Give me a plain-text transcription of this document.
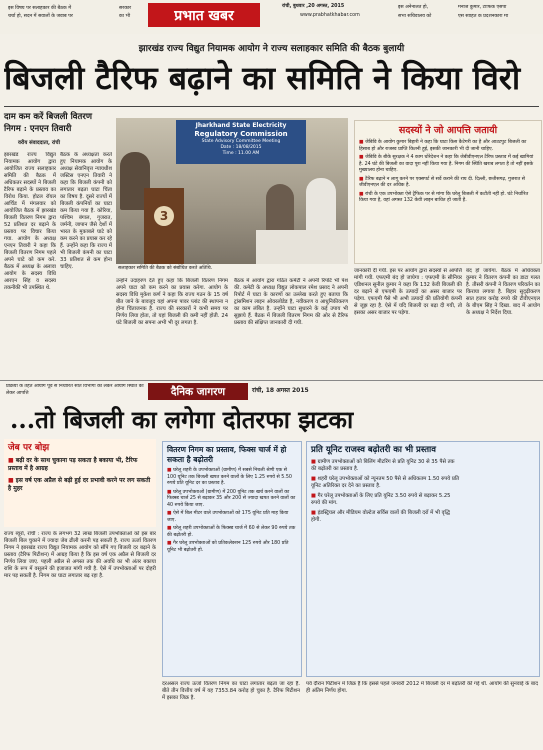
इस विषय पर सलाहकार की बैठक में
चर्चा हो, सदन में सवालों के जवाब पर
सरकार
का भी	प्रभात खबर
रांची, बुधवार ,20 अगस्त, 2015
www.prabhatkhabar.com
इस अनेनालत हो,
सभा सचिवालय को
मनोज कुमार, टाफिक एसपी
एस साहित के प्रदर्शनकारी मी
झारखंड राज्य विद्युत नियामक आयोग ने राज्य सलाहकार समिति की बैठक बुलायी
बिजली टैरिफ बढ़ाने का समिति ने किया विरो
दाम कम करें बिजली वितरण
निगम : एनएन तिवारी
वरीय संवाददाता, रांची
झारखंड राज्य विद्युत नियामक आयोग द्वारा आयोजित राज्य सलाहकार समिति की बैठक में अधिकतर सदस्यों ने बिजली टैरिफ बढ़ाने के प्रस्ताव का विरोध किया. होटल रॉयल आर्चिड में मंगलवार को आयोजित बैठक में झारखंड बिजली वितरण निगम द्वारा 52 प्रतिशत दर बढ़ाने के प्रस्ताव पर विचार किया गया. आयोग के अध्यक्ष एनएन तिवारी ने कहा कि बिजली वितरण निगम पहले अपने घाटे को कम करे. बैठक में अध्यक्ष के अलावा आयोग के सदस्य विधि आरएन सिंह व सदस्य तकनीकी भी उपस्थित थे.
बैठक के अध्यक्षता करते हुए नियामक आयोग के अध्यक्ष सेवानिवृत्त न्यायधीश जस्टिस एनएन तिवारी ने कहा कि बिजली कंपनी को लगातार बढ़ता घाटा चिंता का विषय है. दूसरे राज्यों में बिजली कंपनियों का घाटा कम किया गया है. कोरिया, पश्चिम बंगाल, गुजरात, जर्मनी, जापान जैसे देशों में भारत के मुकाबले घाटे को कम करने का प्रयास कर रहे हैं. उन्होंने कहा कि राज्य में भी बिजली कंपनी का घाटा 33 प्रतिशत से कम होना चाहिए.
Jharkhand State Electricity
Regulatory Commission
State Advisory Committee Meeting
Date : 18/08/2015
Time : 11.00 AM
3
सलाहकार समिति की बैठक को संबोधित करते अतिथि.
उन्होंने उदाहरण देते हुए कहा कि बिजली वितरण निगम अपने घाटा को कम करने का प्रयास करेगा. आयोग के सदस्य विधि मुकेश कर्ण ने कहा कि राज्य गठन के 15 वर्ष बीत जाने के बावजूद यहां अपना पावर प्लांट की स्थापना न होना चिंताजनक है. राज्य की सरकारों ने कभी समय पर निर्णय लिया होता, तो यहां बिजली की कमी नहीं होती. 24 घंटे बिजली का सपना अभी भी दूर लगता है.
बैठक में आयोग द्वारा गठित कमेटी ने अपनी रिपोर्ट भी पेश की. कमेटी के अध्यक्ष विद्युत लोकपाल रमेश प्रसाद ने अपनी रिपोर्ट में घाटा के कारणों का उल्लेख करते हुए बताया कि ट्रांसमिशन लाइन ओवरलोडेड है, नवीकरण व आधुनिकीकरण का काम लंबित है. उन्होंने घाटा सुधारने के कई उपाय भी सुझाये हैं. बैठक में बिजली वितरण निगम की ओर से टैरिफ प्रस्ताव की संक्षिप्त जानकारी दी गयी.
सदस्यों ने जो आपत्ति जतायी
■ जेबिवि के आयोग कुमार बिहारी ने कहा कि घाटा किस कैटेगरी का है और आउटपुट बिजली का हिसाब हो और राजस्व प्राप्ति कितनी हुई, इसकी जानकारी भी दी जानी चाहिए.
■ जेबिवि के बीके सुरक्षक ने 4 काम धोरेदेशन ने कहा कि जेबीवीएनएल टैरिफ प्रस्ताव में कई खामियां है. 24 घंटे की बिजली का वादा पूरा नहीं किया गया है. निगम की स्थिति खराब लगता है तो नहीं इसके मुख्यालय होना चाहिए.
■ टैरिफ बढ़ाने न लागू करने पर एक्सपर्ट से सर्वे कराने की राय दी. दिल्ली, छत्तीसगढ़, गुजरात से जीवीएनएल की दर अधिक है.
■ रांची के एक उपभोक्ता ऐसे ट्रैफिक पर से मांगा कि घरेलू बिजली में कटौती नहीं हो. घंटे निर्धारित किया गया है, वहां अगस्त 132 केवी लाइन बाधित हो जाती है.
जानकारी दी गयी. इस पर आयोग द्वारा सदस्यों से आपत्ति मांगी गयी. एफएमी बंद हो जायेगा : एफएमी के सीनियर एडिशनल सुनील कुमार ने कहा कि 132 केवी बिजली की दर बढ़ाने से एफएमी के उत्पादों का असर बाजार पर पड़ेगा. एफएमी पैसे भी अभी उत्पादों की प्रतियोगी कंपनी से जूझ रहा है. ऐसे में यदि बिजली दर बढ़ा दी गयी, तो इसका असर बाजार पर पड़ेगा.
बंद हो जायेगा. बैठक में अधिवक्ता कुमार ने वितरण कंपनी का डाटा गलत है. तीसरी कंपनी ने वितरण परिवर्तन का किराया लगाया है. बिहार सुदृढ़ीकरण सात हजार करोड़ रुपये की टीवीएनएल के बीएम सिंह ने दिखा. बाद में आयोग के अध्यक्ष ने निर्देश दिया.
प्रक्रिया के तहत आयोग पूर्व से निर्धारित सात विभागों को लेकर आयोग स्थिति को लेकर आपत्ति	दैनिक जागरण	रांची, 18 अगस्त 2015
...तो बिजली का लगेगा दोतरफा झटका
जेब पर बोझ
■ बढ़ी दर के साथ चुकाना पड़ सकता है बकाया भी, टैरिफ प्रस्ताव में है आग्रह
■ इस वर्ष एक अप्रैल से बढ़ी हुई दर प्रभावी करने पर लग सकती है मुहर
राज्य ब्यूरो, रांची : राज्य के लगभग 32 लाख बिजली उपभोक्ताओं को इस बार बिजली बिल चुकाने में ज्यादा जेब ढीली करनी पड़ सकती है. राज्य ऊर्जा वितरण निगम ने झारखंड राज्य विद्युत नियामक आयोग को सौंपे गए बिजली दर बढ़ाने के प्रस्ताव (टैरिफ पिटीशन) में आग्रह किया है कि इस वर्ष एक अप्रैल से बिजली दर निर्णय लिया जाए. पहली अप्रैल से अगस्त तक की अवधि का भी अंतर बकाया राशि के रूप में वसूलने की इजाजत मांगी गयी है. ऐसे में उपभोक्ताओं पर दोहरी मार पड़ सकती है. निगम का घाटा लगातार बढ़ रहा है.
वितरण निगम का प्रस्ताव, फिक्स चार्ज में हो सकता है बढ़ोतरी
■ घरेलू शहरी के उपभोक्ताओं (ग्रामीण) में सबसे निचली श्रेणी एक से 100 यूनिट तक बिजली खपत करने वालों के लिए 1.25 रुपये से 5.50 रुपये प्रति यूनिट दर का प्रस्ताव है.
■ घरेलू उपभोक्ताओं (ग्रामीण) में 200 यूनिट तक खर्च करने वालों का फिक्स्ड चार्ज 25 से बढ़ाकर 35 और 200 से ज्यादा खपत करने वालों का 40 रुपये किया जाए.
■ ऐसे में बिल मीटर वाले उपभोक्ताओं को 175 यूनिट प्रति माह किया जाए.
■ घरेलू शहरी उपभोक्ताओं के फिक्स्ड चार्ज में 60 से लेकर 90 रुपये तक की बढ़ोतरी हो.
■ गैर घरेलू उपभोक्ताओं को प्रतिकलेक्शन 125 रुपये और 180 प्रति यूनिट भी बढ़ोतरी हो.
प्रति यूनिट राजस्व बढ़ोतरी का भी प्रस्ताव
■ ग्रामीण उपभोक्ताओं को बिलिंग मीटरिंग से प्रति यूनिट 30 से 35 पैसे तक की बढ़ोतरी का प्रस्ताव है.
■ शहरी घरेलू उपभोक्ताओं को न्यूनतम 50 पैसे से अधिकतम 1.50 रुपये प्रति यूनिट अतिरिक्त दर देने का प्रस्ताव है.
■ गैर घरेलू उपभोक्ताओं के लिए प्रति यूनिट 3.50 रुपये से बढ़ाकर 5.25 रुपये की मांग.
■ इंडस्ट्रियल और मीडियम वोल्टेज सर्विस वालों की बिजली दरों में भी वृद्धि होगी.
दरअसल राज्य ऊर्जा वितरण निगम का घाटा लगातार बढ़ता जा रहा है. बीते तीन वित्तीय वर्ष में यह 7353.84 करोड़ हो चुका है. टैरिफ पिटीशन में इसका जिक्र है.
पर्व दौरान पिटीशन में जिक्र है कि इससे पहले जनवरी 2012 में बिजली दर में बढ़ोतरी की गई थी. आयोग की सुनवाई के बाद ही अंतिम निर्णय होगा.
